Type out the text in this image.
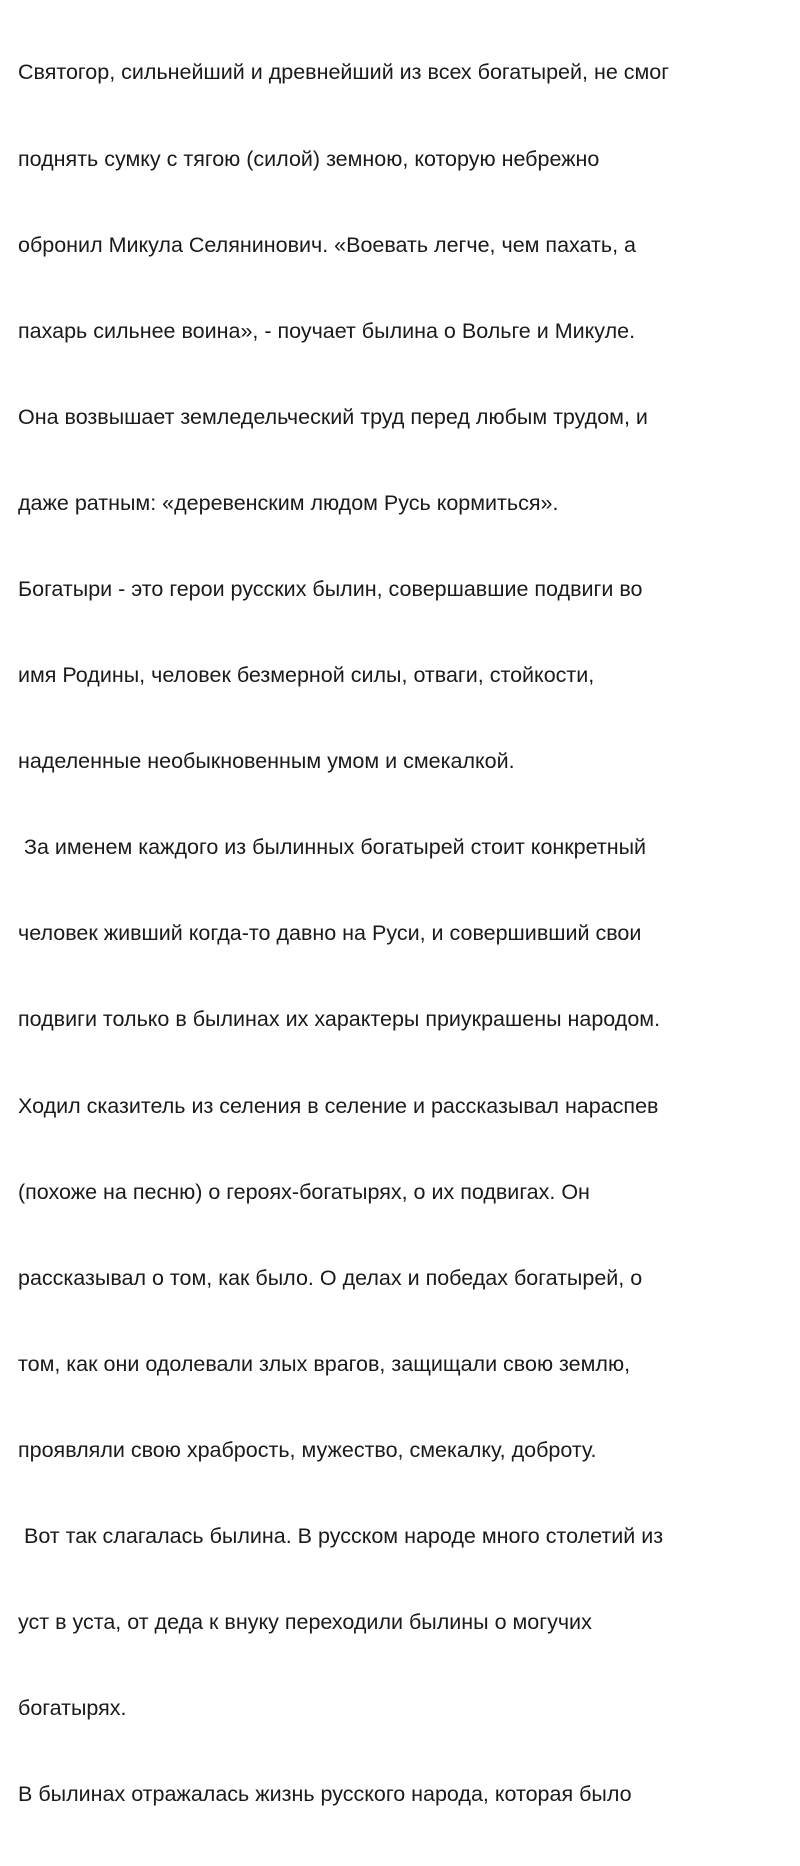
Святогор, сильнейший и древнейший из всех богатырей, не смог

поднять сумку с тягою (силой) земною, которую небрежно

обронил Микула Селянинович. «Воевать легче, чем пахать, а

пахарь сильнее воина», - поучает былина о Вольге и Микуле.

Она возвышает земледельческий труд перед любым трудом, и

даже ратным: «деревенским людом Русь кормиться».

Богатыри - это герои русских былин, совершавшие подвиги во

имя Родины, человек безмерной силы, отваги, стойкости,

наделенные необыкновенным умом и смекалкой.

За именем каждого из былинных богатырей стоит конкретный

человек живший когда-то давно на Руси, и совершивший свои

подвиги только в былинах их характеры приукрашены народом.

Ходил сказитель из селения в селение и рассказывал нараспев

(похоже на песню) о героях-богатырях, о их подвигах. Он

рассказывал о том, как было. О делах и победах богатырей, о

том, как они одолевали злых врагов, защищали свою землю,

проявляли свою храбрость, мужество, смекалку, доброту.

Вот так слагалась былина. В русском народе много столетий из

уст в уста, от деда к внуку переходили былины о могучих

богатырях.

В былинах отражалась жизнь русского народа, которая было
